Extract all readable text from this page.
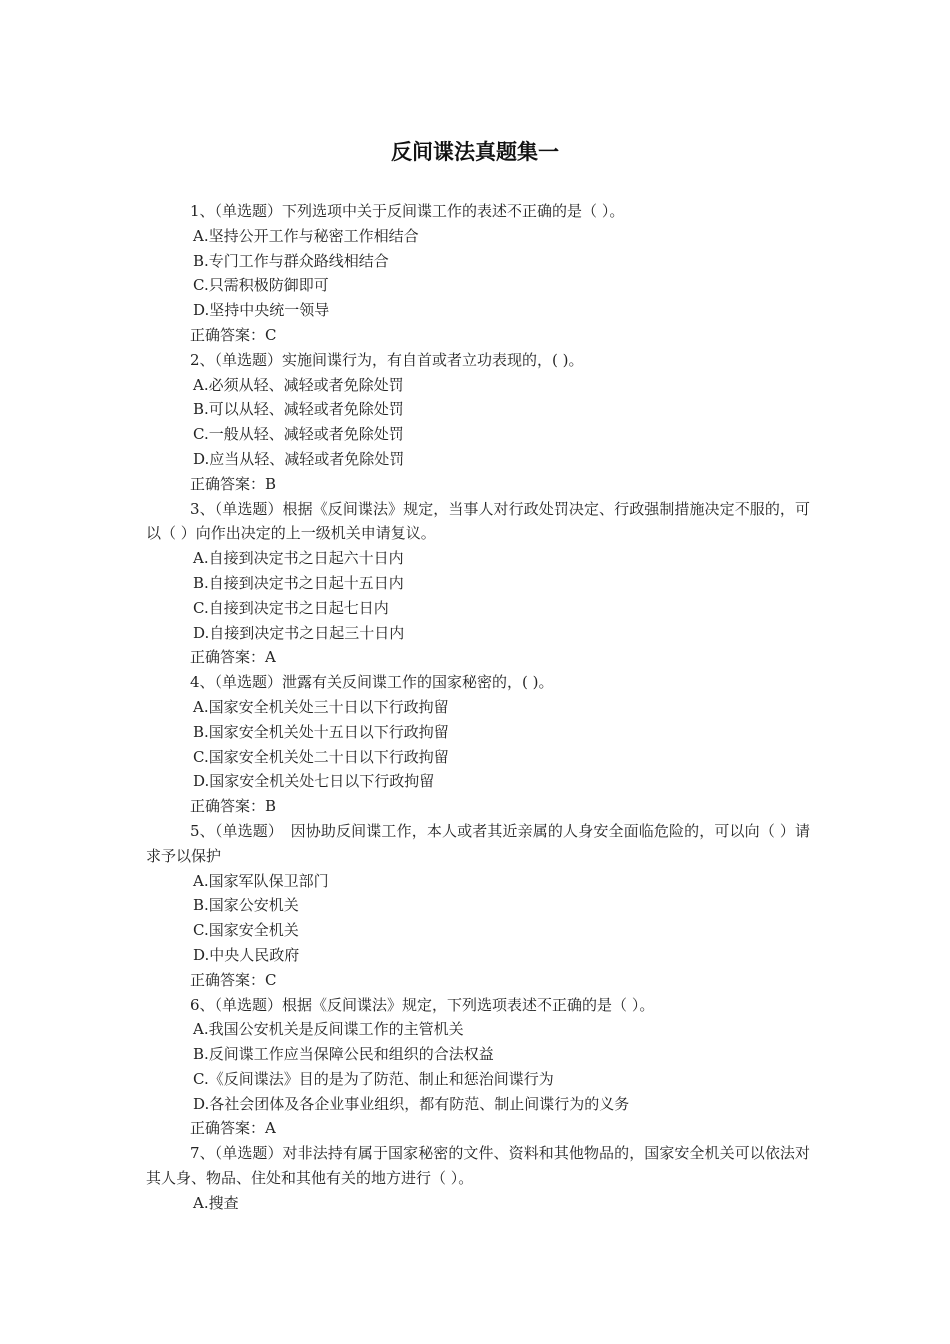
反间谍法真题集一

1、（单选题）下列选项中关于反间谍工作的表述不正确的是（ ）。

A.坚持公开工作与秘密工作相结合

B.专门工作与群众路线相结合

C.只需积极防御即可

D.坚持中央统一领导

正确答案：C

2、（单选题）实施间谍行为，有自首或者立功表现的，( )。

A.必须从轻、减轻或者免除处罚

B.可以从轻、减轻或者免除处罚

C.一般从轻、减轻或者免除处罚

D.应当从轻、减轻或者免除处罚

正确答案：B

3、（单选题）根据《反间谍法》规定，当事人对行政处罚决定、行政强制措施决定不服的，可以（ ）向作出决定的上一级机关申请复议。

A.自接到决定书之日起六十日内

B.自接到决定书之日起十五日内

C.自接到决定书之日起七日内

D.自接到决定书之日起三十日内

正确答案：A

4、（单选题）泄露有关反间谍工作的国家秘密的，( )。

A.国家安全机关处三十日以下行政拘留

B.国家安全机关处十五日以下行政拘留

C.国家安全机关处二十日以下行政拘留

D.国家安全机关处七日以下行政拘留

正确答案：B

5、（单选题）　因协助反间谍工作，本人或者其近亲属的人身安全面临危险的，可以向（ ）请求予以保护

A.国家军队保卫部门

B.国家公安机关

C.国家安全机关

D.中央人民政府

正确答案：C

6、（单选题）根据《反间谍法》规定，下列选项表述不正确的是（ ）。

A.我国公安机关是反间谍工作的主管机关

B.反间谍工作应当保障公民和组织的合法权益

C.《反间谍法》目的是为了防范、制止和惩治间谍行为

D.各社会团体及各企业事业组织，都有防范、制止间谍行为的义务

正确答案：A

7、（单选题）对非法持有属于国家秘密的文件、资料和其他物品的，国家安全机关可以依法对其人身、物品、住处和其他有关的地方进行（ ）。

A.搜查
